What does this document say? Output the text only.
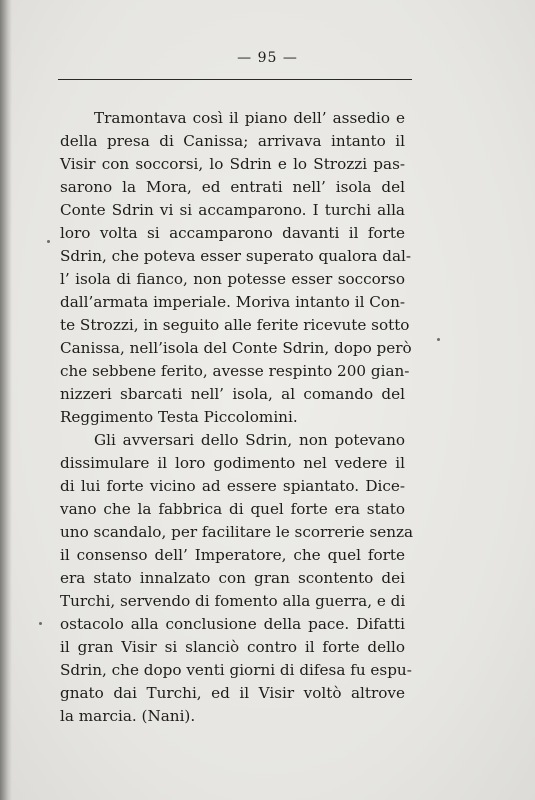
— 95 —
Tramontava così il piano dell’ assedio e
della presa di Canissa; arrivava intanto il
Visir con soccorsi, lo Sdrin e lo Strozzi pas-
sarono la Mora, ed entrati nell’ isola del
Conte Sdrin vi si accamparono. I turchi alla
loro volta si accamparono davanti il forte
Sdrin, che poteva esser superato qualora dal-
l’ isola di fianco, non potesse esser soccorso
dall’armata imperiale. Moriva intanto il Con-
te Strozzi, in seguito alle ferite ricevute sotto
Canissa, nell’isola del Conte Sdrin, dopo però
che sebbene ferito, avesse respinto 200 gian-
nizzeri sbarcati nell’ isola, al comando del
Reggimento Testa Piccolomini.
Gli avversari dello Sdrin, non potevano
dissimulare il loro godimento nel vedere il
di lui forte vicino ad essere spiantato. Dice-
vano che la fabbrica di quel forte era stato
uno scandalo, per facilitare le scorrerie senza
il consenso dell’ Imperatore, che quel forte
era stato innalzato con gran scontento dei
Turchi, servendo di fomento alla guerra, e di
ostacolo alla conclusione della pace. Difatti
il gran Visir si slanciò contro il forte dello
Sdrin, che dopo venti giorni di difesa fu espu-
gnato dai Turchi, ed il Visir voltò altrove
la marcia. (Nani).
